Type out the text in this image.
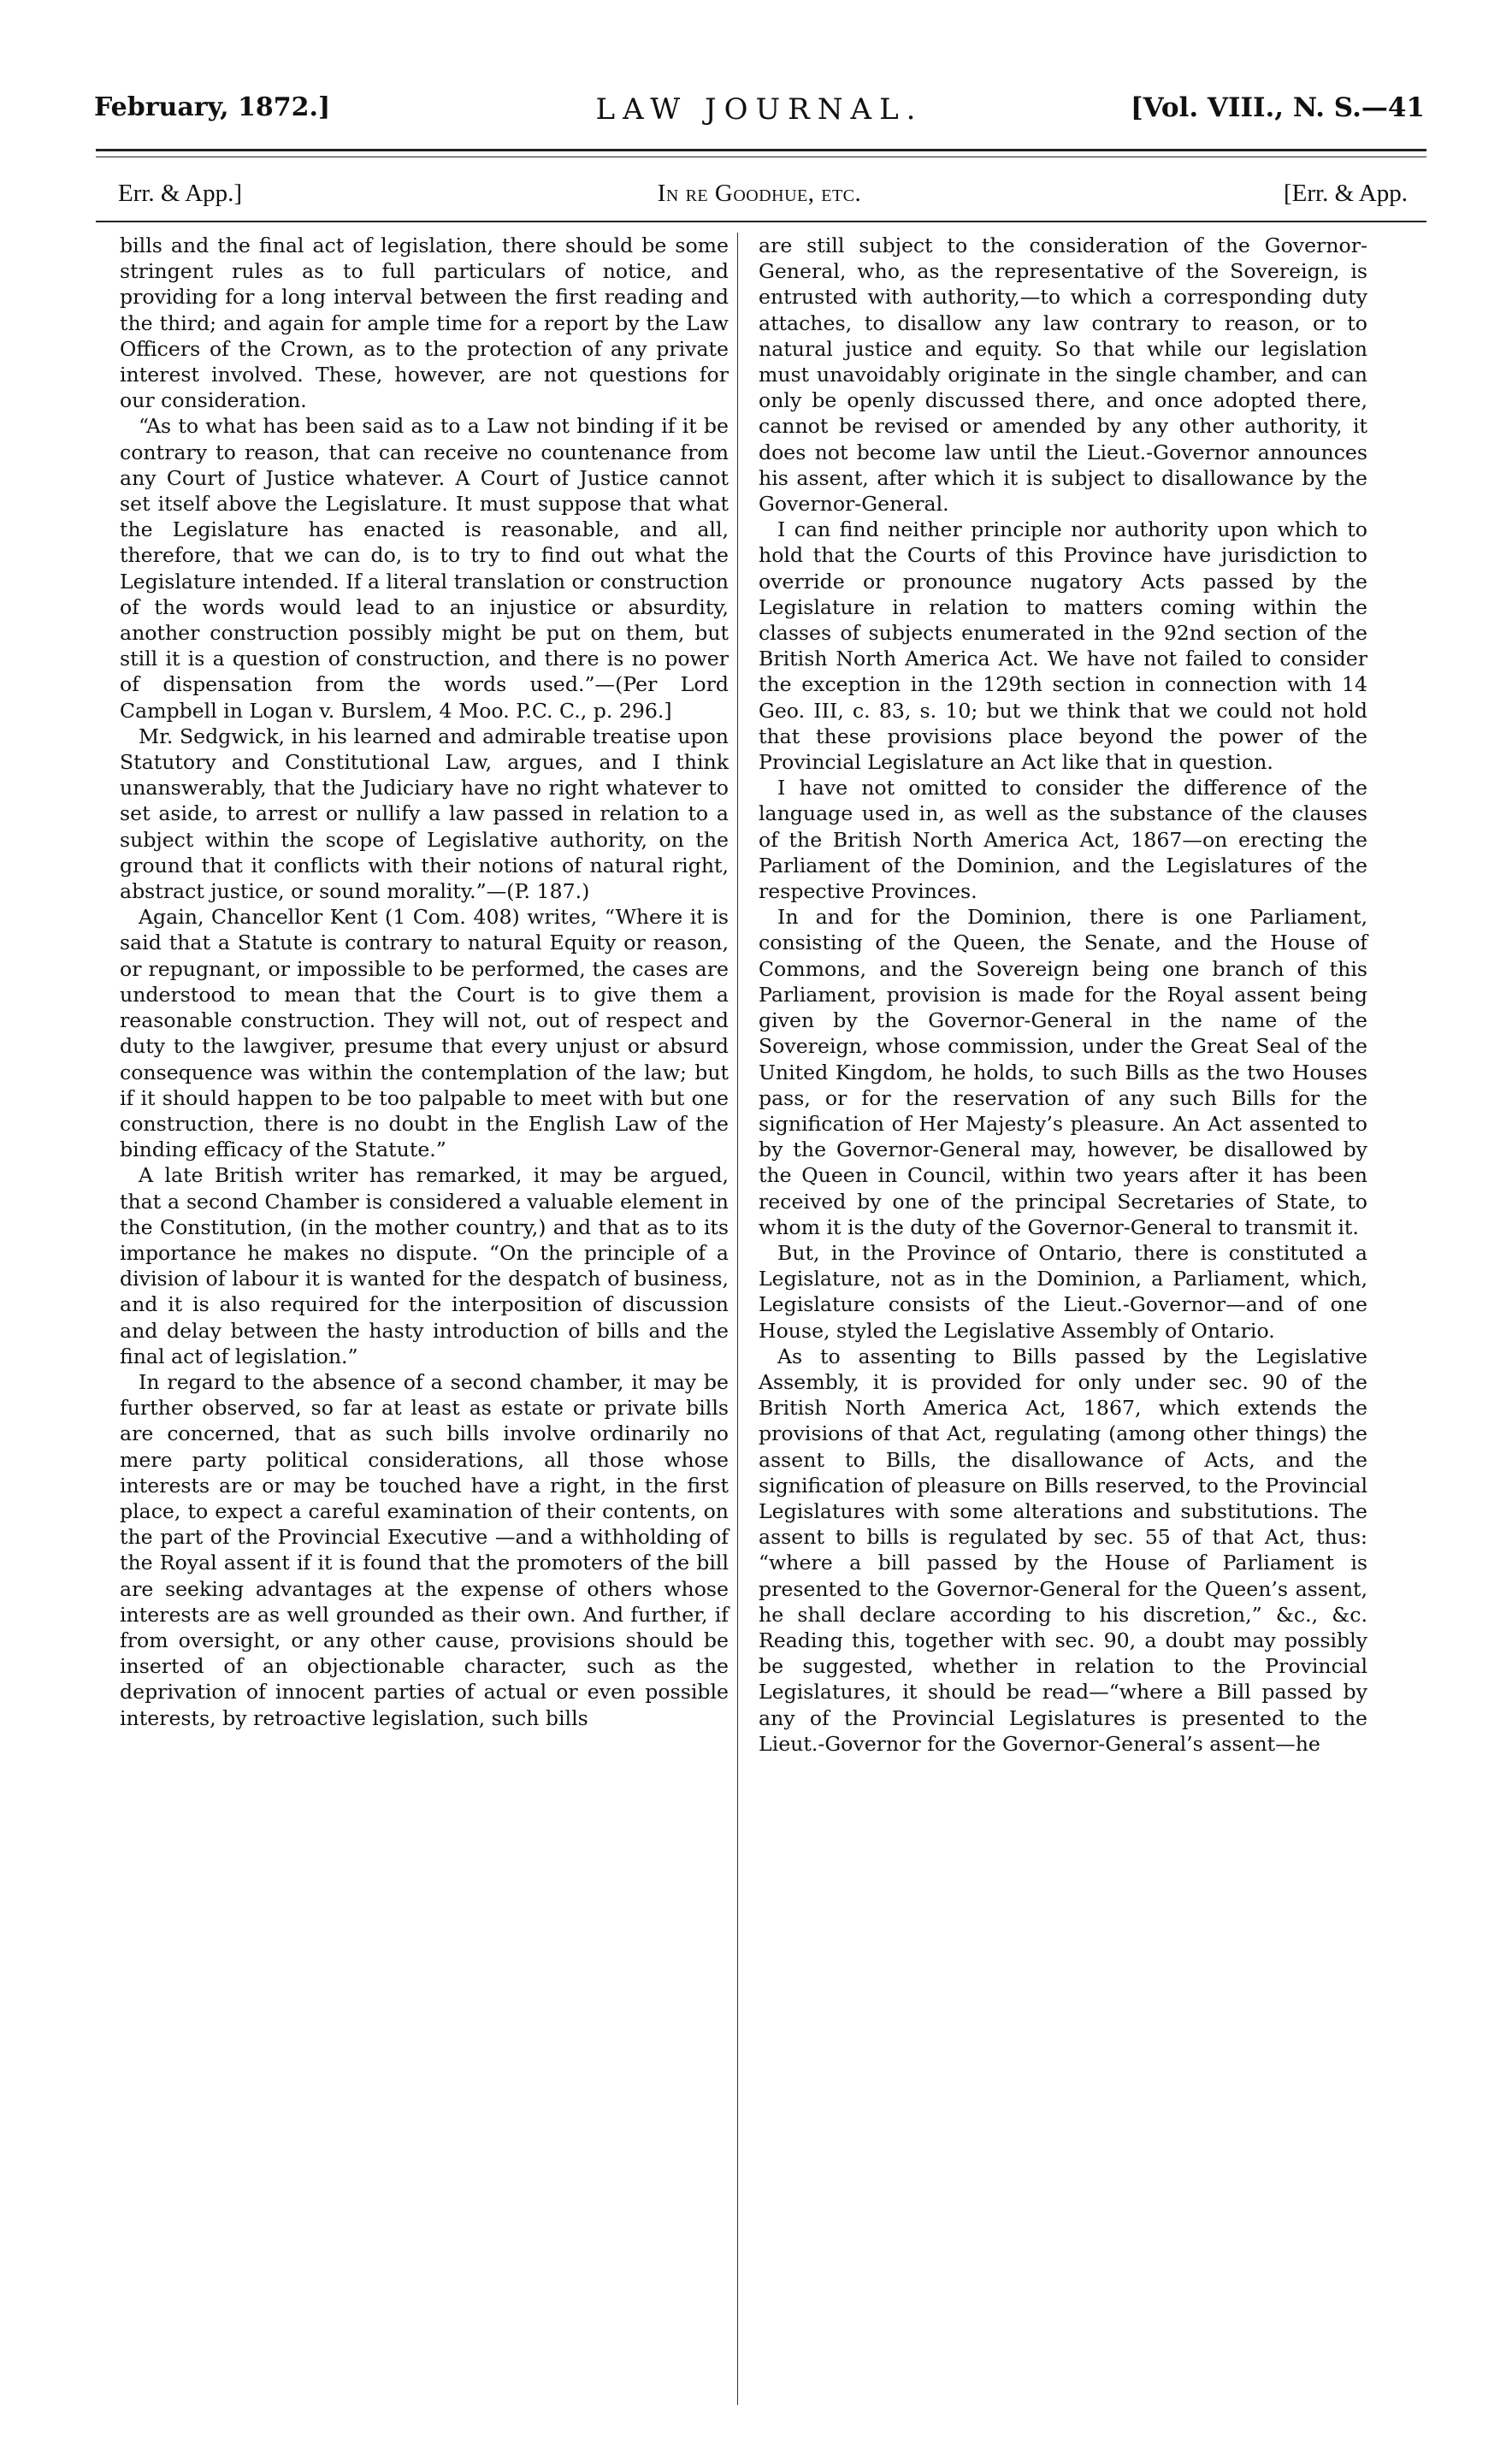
February, 1872.]	LAW JOURNAL.	[Vol. VIII., N. S.—41
Err. & App.]	In re Goodhue, etc.	[Err. & App.

bills and the final act of legislation, there should be some stringent rules as to full particulars of notice, and providing for a long interval between the first reading and the third; and again for ample time for a report by the Law Officers of the Crown, as to the protection of any private interest involved. These, however, are not questions for our consideration.

“As to what has been said as to a Law not binding if it be contrary to reason, that can receive no countenance from any Court of Justice whatever. A Court of Justice cannot set itself above the Legislature. It must suppose that what the Legislature has enacted is reasonable, and all, therefore, that we can do, is to try to find out what the Legislature intended. If a literal translation or construction of the words would lead to an injustice or absurdity, another construction possibly might be put on them, but still it is a question of construction, and there is no power of dispensation from the words used.”—(Per Lord Campbell in Logan v. Burslem, 4 Moo. P.C. C., p. 296.]

Mr. Sedgwick, in his learned and admirable treatise upon Statutory and Constitutional Law, argues, and I think unanswerably, that the Judiciary have no right whatever to set aside, to arrest or nullify a law passed in relation to a subject within the scope of Legislative authority, on the ground that it conflicts with their notions of natural right, abstract justice, or sound morality.”—(P. 187.)

Again, Chancellor Kent (1 Com. 408) writes, “Where it is said that a Statute is contrary to natural Equity or reason, or repugnant, or impossible to be performed, the cases are understood to mean that the Court is to give them a reasonable construction. They will not, out of respect and duty to the lawgiver, presume that every unjust or absurd consequence was within the contemplation of the law; but if it should happen to be too palpable to meet with but one construction, there is no doubt in the English Law of the binding efficacy of the Statute.”

A late British writer has remarked, it may be argued, that a second Chamber is considered a valuable element in the Constitution, (in the mother country,) and that as to its importance he makes no dispute. “On the principle of a division of labour it is wanted for the despatch of business, and it is also required for the interposition of discussion and delay between the hasty introduction of bills and the final act of legislation.”

In regard to the absence of a second chamber, it may be further observed, so far at least as estate or private bills are concerned, that as such bills involve ordinarily no mere party political considerations, all those whose interests are or may be touched have a right, in the first place, to expect a careful examination of their contents, on the part of the Provincial Executive —and a withholding of the Royal assent if it is found that the promoters of the bill are seeking advantages at the expense of others whose interests are as well grounded as their own. And further, if from oversight, or any other cause, provisions should be inserted of an objectionable character, such as the deprivation of innocent parties of actual or even possible interests, by retroactive legislation, such bills

are still subject to the consideration of the Governor-General, who, as the representative of the Sovereign, is entrusted with authority,—to which a corresponding duty attaches, to disallow any law contrary to reason, or to natural justice and equity. So that while our legislation must unavoidably originate in the single chamber, and can only be openly discussed there, and once adopted there, cannot be revised or amended by any other authority, it does not become law until the Lieut.-Governor announces his assent, after which it is subject to disallowance by the Governor-General.

I can find neither principle nor authority upon which to hold that the Courts of this Province have jurisdiction to override or pronounce nugatory Acts passed by the Legislature in relation to matters coming within the classes of subjects enumerated in the 92nd section of the British North America Act. We have not failed to consider the exception in the 129th section in connection with 14 Geo. III, c. 83, s. 10; but we think that we could not hold that these provisions place beyond the power of the Provincial Legislature an Act like that in question.

I have not omitted to consider the difference of the language used in, as well as the substance of the clauses of the British North America Act, 1867—on erecting the Parliament of the Dominion, and the Legislatures of the respective Provinces.

In and for the Dominion, there is one Parliament, consisting of the Queen, the Senate, and the House of Commons, and the Sovereign being one branch of this Parliament, provision is made for the Royal assent being given by the Governor-General in the name of the Sovereign, whose commission, under the Great Seal of the United Kingdom, he holds, to such Bills as the two Houses pass, or for the reservation of any such Bills for the signification of Her Majesty’s pleasure. An Act assented to by the Governor-General may, however, be disallowed by the Queen in Council, within two years after it has been received by one of the principal Secretaries of State, to whom it is the duty of the Governor-General to transmit it.

But, in the Province of Ontario, there is constituted a Legislature, not as in the Dominion, a Parliament, which, Legislature consists of the Lieut.-Governor—and of one House, styled the Legislative Assembly of Ontario.

As to assenting to Bills passed by the Legislative Assembly, it is provided for only under sec. 90 of the British North America Act, 1867, which extends the provisions of that Act, regulating (among other things) the assent to Bills, the disallowance of Acts, and the signification of pleasure on Bills reserved, to the Provincial Legislatures with some alterations and substitutions. The assent to bills is regulated by sec. 55 of that Act, thus: “where a bill passed by the House of Parliament is presented to the Governor-General for the Queen’s assent, he shall declare according to his discretion,” &c., &c. Reading this, together with sec. 90, a doubt may possibly be suggested, whether in relation to the Provincial Legislatures, it should be read—“where a Bill passed by any of the Provincial Legislatures is presented to the Lieut.-Governor for the Governor-General’s assent—he
